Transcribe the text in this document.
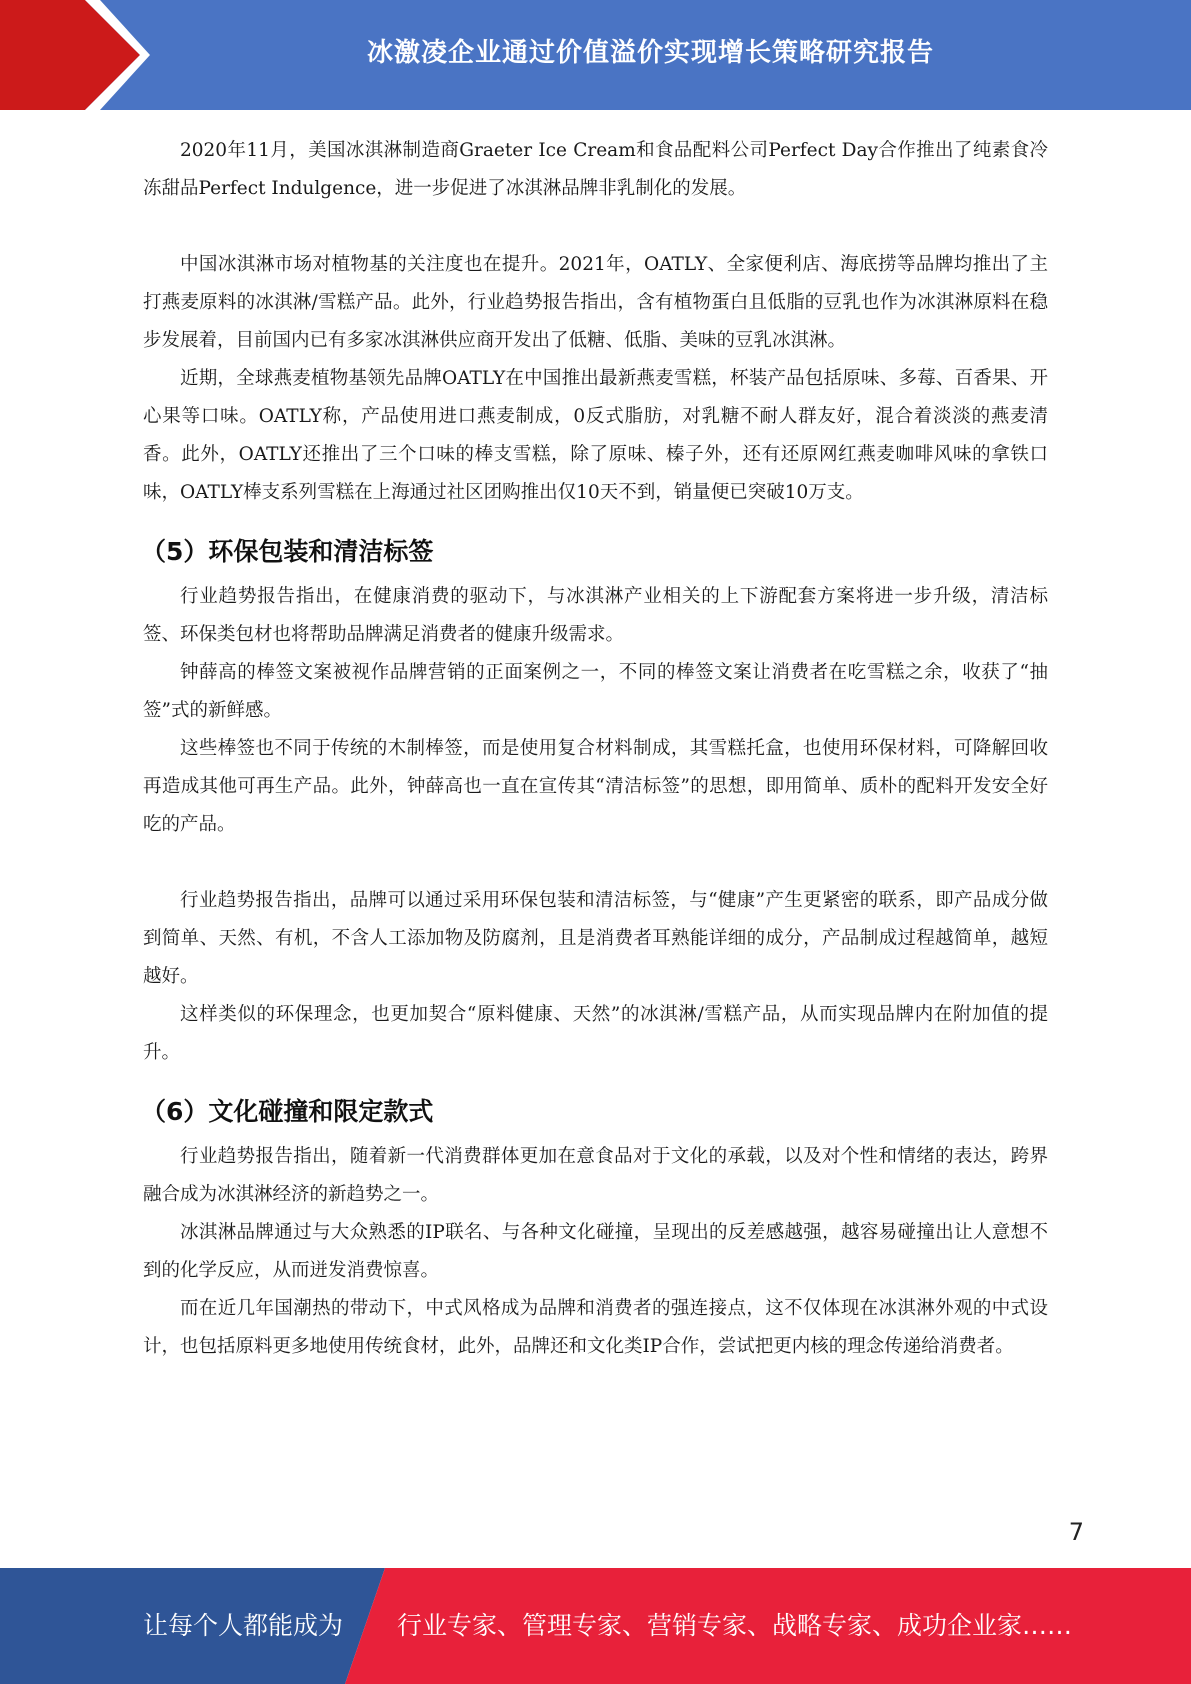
冰激凌企业通过价值溢价实现增长策略研究报告

2020年11月，美国冰淇淋制造商Graeter Ice Cream和食品配料公司Perfect Day合作推出了纯素食冷冻甜品Perfect Indulgence，进一步促进了冰淇淋品牌非乳制化的发展。

中国冰淇淋市场对植物基的关注度也在提升。2021年，OATLY、全家便利店、海底捞等品牌均推出了主打燕麦原料的冰淇淋/雪糕产品。此外，行业趋势报告指出，含有植物蛋白且低脂的豆乳也作为冰淇淋原料在稳步发展着，目前国内已有多家冰淇淋供应商开发出了低糖、低脂、美味的豆乳冰淇淋。

近期，全球燕麦植物基领先品牌OATLY在中国推出最新燕麦雪糕，杯装产品包括原味、多莓、百香果、开心果等口味。OATLY称，产品使用进口燕麦制成，0反式脂肪，对乳糖不耐人群友好，混合着淡淡的燕麦清香。此外，OATLY还推出了三个口味的棒支雪糕，除了原味、榛子外，还有还原网红燕麦咖啡风味的拿铁口味，OATLY棒支系列雪糕在上海通过社区团购推出仅10天不到，销量便已突破10万支。

（5）环保包装和清洁标签

行业趋势报告指出，在健康消费的驱动下，与冰淇淋产业相关的上下游配套方案将进一步升级，清洁标签、环保类包材也将帮助品牌满足消费者的健康升级需求。

钟薛高的棒签文案被视作品牌营销的正面案例之一，不同的棒签文案让消费者在吃雪糕之余，收获了“抽签”式的新鲜感。

这些棒签也不同于传统的木制棒签，而是使用复合材料制成，其雪糕托盒，也使用环保材料，可降解回收再造成其他可再生产品。此外，钟薛高也一直在宣传其“清洁标签”的思想，即用简单、质朴的配料开发安全好吃的产品。

行业趋势报告指出，品牌可以通过采用环保包装和清洁标签，与“健康”产生更紧密的联系，即产品成分做到简单、天然、有机，不含人工添加物及防腐剂，且是消费者耳熟能详细的成分，产品制成过程越简单，越短越好。

这样类似的环保理念，也更加契合“原料健康、天然”的冰淇淋/雪糕产品，从而实现品牌内在附加值的提升。

（6）文化碰撞和限定款式

行业趋势报告指出，随着新一代消费群体更加在意食品对于文化的承载，以及对个性和情绪的表达，跨界融合成为冰淇淋经济的新趋势之一。

冰淇淋品牌通过与大众熟悉的IP联名、与各种文化碰撞，呈现出的反差感越强，越容易碰撞出让人意想不到的化学反应，从而迸发消费惊喜。

而在近几年国潮热的带动下，中式风格成为品牌和消费者的强连接点，这不仅体现在冰淇淋外观的中式设计，也包括原料更多地使用传统食材，此外，品牌还和文化类IP合作，尝试把更内核的理念传递给消费者。

7
让每个人都能成为 行业专家、管理专家、营销专家、战略专家、成功企业家……
